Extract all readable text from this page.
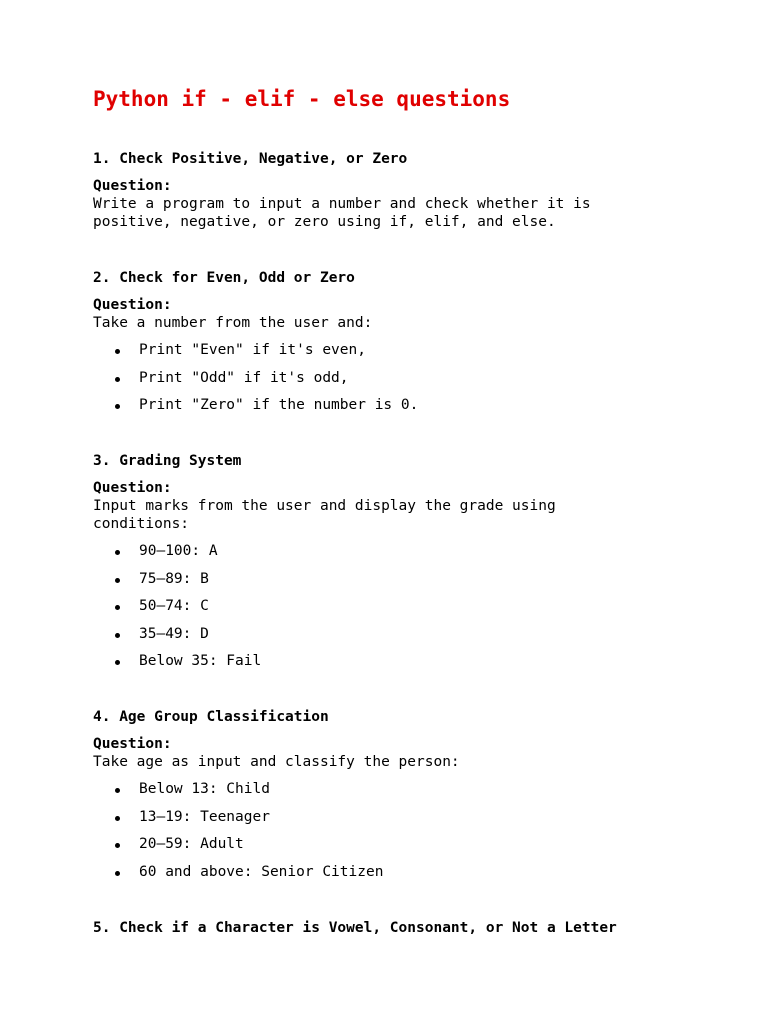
Python if - elif - else questions
1. Check Positive, Negative, or Zero
Question:
Write a program to input a number and check whether it is
positive, negative, or zero using if, elif, and else.
2. Check for Even, Odd or Zero
Question:
Take a number from the user and:
Print "Even" if it's even,
Print "Odd" if it's odd,
Print "Zero" if the number is 0.
3. Grading System
Question:
Input marks from the user and display the grade using
conditions:
90–100: A
75–89: B
50–74: C
35–49: D
Below 35: Fail
4. Age Group Classification
Question:
Take age as input and classify the person:
Below 13: Child
13–19: Teenager
20–59: Adult
60 and above: Senior Citizen
5. Check if a Character is Vowel, Consonant, or Not a Letter
